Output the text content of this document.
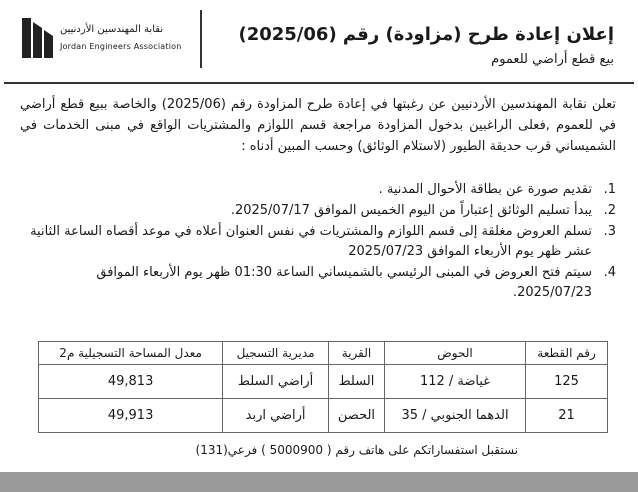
نقابة المهندسين الأردنيين
Jordan Engineers Association
إعلان إعادة طرح (مزاودة) رقم (2025/06)
بيع قطع أراضي للعموم
تعلن نقابة المهندسين الأردنيين عن رغبتها في إعادة طرح المزاودة رقم (2025/06) والخاصة ببيع قطع أراضي في للعموم ,فعلى الراغبين بدخول المزاودة مراجعة قسم اللوازم والمشتريات الواقع في مبنى الخدمات في الشميساني قرب حديقة الطيور (لاستلام الوثائق) وحسب المبين أدناه :
1.
تقديم صورة عن بطاقة الأحوال المدنية .
2.
يبدأ تسليم الوثائق إعتباراً من اليوم الخميس الموافق 2025/07/17.
3.
تسلم العروض مغلقة إلى قسم اللوازم والمشتريات في نفس العنوان أعلاه في موعد أقصاه الساعة الثانية عشر ظهر يوم الأربعاء الموافق 2025/07/23
4.
سيتم فتح العروض في المبنى الرئيسي بالشميساني الساعة 01:30 ظهر يوم الأربعاء الموافق 2025/07/23.
رقم القطعة	الحوض	القرية	مديرية التسجيل	معدل المساحة التسجيلية م2
125	غياضة / 112	السلط	أراضي السلط	49,813
21	الدهما الجنوبي / 35	الحصن	أراضي اربد	49,913
نستقبل استفساراتكم على هاتف رقم ( 5000900 ) فرعي(131)
